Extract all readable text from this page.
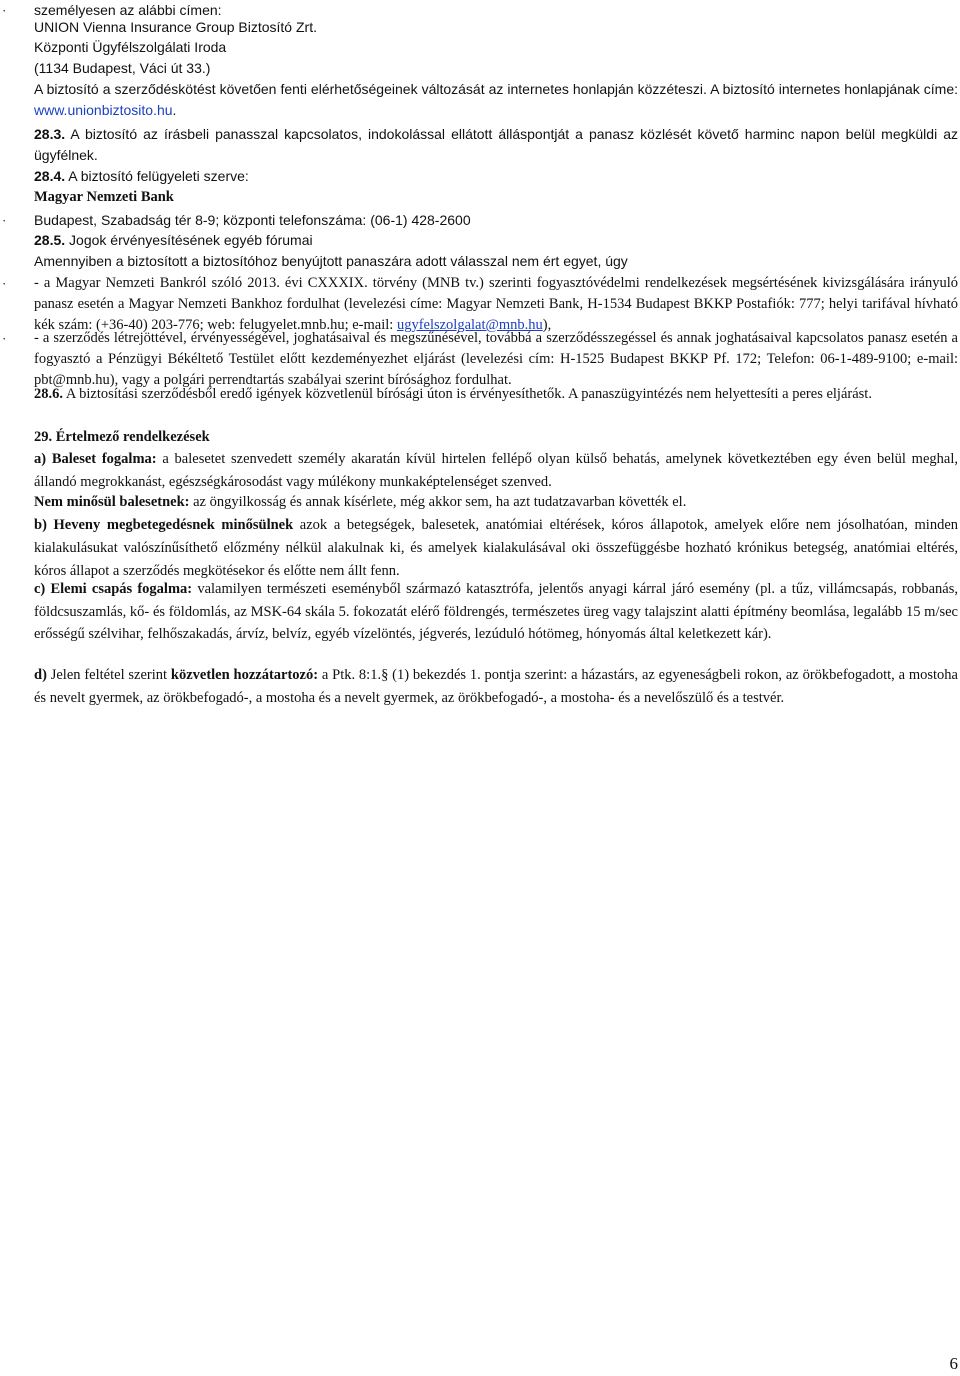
·
·
·
·
személyesen az alábbi címen:
UNION Vienna Insurance Group Biztosító Zrt.
Központi Ügyfélszolgálati Iroda
(1134 Budapest, Váci út 33.)
A biztosító a szerződéskötést követően fenti elérhetőségeinek változását az internetes honlapján közzéteszi. A biztosító internetes honlapjának címe: www.unionbiztosito.hu.
28.3. A biztosító az írásbeli panasszal kapcsolatos, indokolással ellátott álláspontját a panasz közlését követő harminc napon belül megküldi az ügyfélnek.
28.4. A biztosító felügyeleti szerve:
Magyar Nemzeti Bank
Budapest, Szabadság tér 8-9; központi telefonszáma: (06-1) 428-2600
28.5. Jogok érvényesítésének egyéb fórumai
Amennyiben a biztosított a biztosítóhoz benyújtott panaszára adott válasszal nem ért egyet, úgy
- a Magyar Nemzeti Bankról szóló 2013. évi CXXXIX. törvény (MNB tv.) szerinti fogyasztóvédelmi rendelkezések megsértésének kivizsgálására irányuló panasz esetén a Magyar Nemzeti Bankhoz fordulhat (levelezési címe: Magyar Nemzeti Bank, H-1534 Budapest BKKP Postafiók: 777; helyi tarifával hívható kék szám: (+36-40) 203-776; web: felugyelet.mnb.hu; e-mail: ugyfelszolgalat@mnb.hu),
- a szerződés létrejöttével, érvényességével, joghatásaival és megszűnésével, továbbá a szerződésszegéssel és annak joghatásaival kapcsolatos panasz esetén a fogyasztó a Pénzügyi Békéltető Testület előtt kezdeményezhet eljárást (levelezési cím: H-1525 Budapest BKKP Pf. 172; Telefon: 06-1-489-9100; e-mail: pbt@mnb.hu), vagy a polgári perrendtartás szabályai szerint bírósághoz fordulhat.
28.6. A biztosítási szerződésből eredő igények közvetlenül bírósági úton is érvényesíthetők. A panaszügyintézés nem helyettesíti a peres eljárást.
29. Értelmező rendelkezések
a) Baleset fogalma: a balesetet szenvedett személy akaratán kívül hirtelen fellépő olyan külső behatás, amelynek következtében egy éven belül meghal, állandó megrokkanást, egészségkárosodást vagy múlékony munkaképtelenséget szenved.
Nem minősül balesetnek: az öngyilkosság és annak kísérlete, még akkor sem, ha azt tudatzavarban követték el.
b) Heveny megbetegedésnek minősülnek azok a betegségek, balesetek, anatómiai eltérések, kóros állapotok, amelyek előre nem jósolhatóan, minden kialakulásukat valószínűsíthető előzmény nélkül alakulnak ki, és amelyek kialakulásával oki összefüggésbe hozható krónikus betegség, anatómiai eltérés, kóros állapot a szerződés megkötésekor és előtte nem állt fenn.
c) Elemi csapás fogalma: valamilyen természeti eseményből származó katasztrófa, jelentős anyagi kárral járó esemény (pl. a tűz, villámcsapás, robbanás, földcsuszamlás, kő- és földomlás, az MSK-64 skála 5. fokozatát elérő földrengés, természetes üreg vagy talajszint alatti építmény beomlása, legalább 15 m/sec erősségű szélvihar, felhőszakadás, árvíz, belvíz, egyéb vízelöntés, jégverés, lezúduló hótömeg, hónyomás által keletkezett kár).
d) Jelen feltétel szerint közvetlen hozzátartozó: a Ptk. 8:1.§ (1) bekezdés 1. pontja szerint: a házastárs, az egyeneságbeli rokon, az örökbefogadott, a mostoha és nevelt gyermek, az örökbefogadó-, a mostoha és a nevelt gyermek, az örökbefogadó-, a mostoha- és a nevelőszülő és a testvér.
6
